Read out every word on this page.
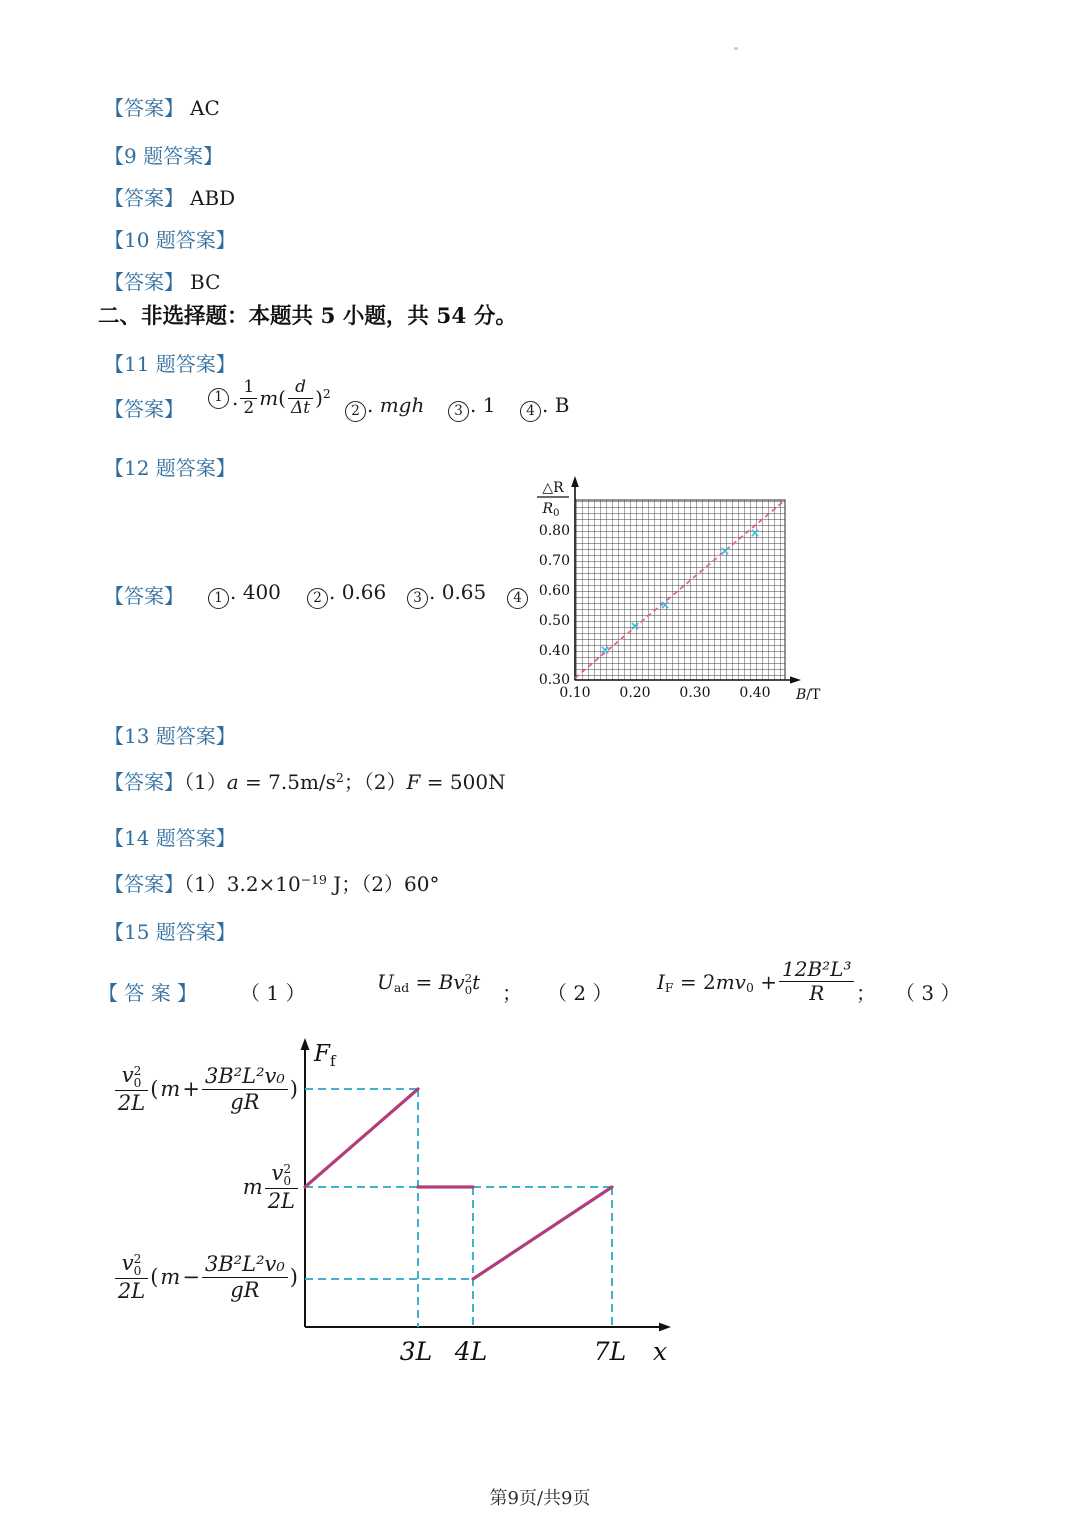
【答案】 AC
【9 题答案】
【答案】 ABD
【10 题答案】
【答案】 BC
二、非选择题：本题共 5 小题，共 54 分。
【11 题答案】
【答案】	1 . $\frac{1}{2} m( \frac{d}{\Delta t} )^2$
2 . mgh	3 . 1	4 . B
【12 题答案】
【答案】	1 . 400	2 . 0.66	3 . 0.65	4
△R
$R_0$
0.80
0.70
0.60
0.50
0.40
0.30
0.10 0.20 0.30 0.40 B/T
【13 题答案】
【答案】$(1)a = 7.5m/s^2$；（2）F = 500N
【14 题答案】
【答案】$(1)3.2\times 10^{-19}$ J；（2）60°
【15 题答案】
【 答 案 】 （ 1 ）	$U_{ad} = Bv$ 2
0 t ； （ 2 ） $I_F = 2mv_0 + \frac{\text{12B²L³}}{R}$ ； （ 3 ）
v 2
0
2L ( $m + \frac{\text{3B²L²v₀}}{gR}$ )
m v 2
0
2L
v 2
0
2L ( $m - \frac{\text{3B²L²v₀}}{gR}$ )
$F_f$
3L 4L	7L x
第9页/共9页
